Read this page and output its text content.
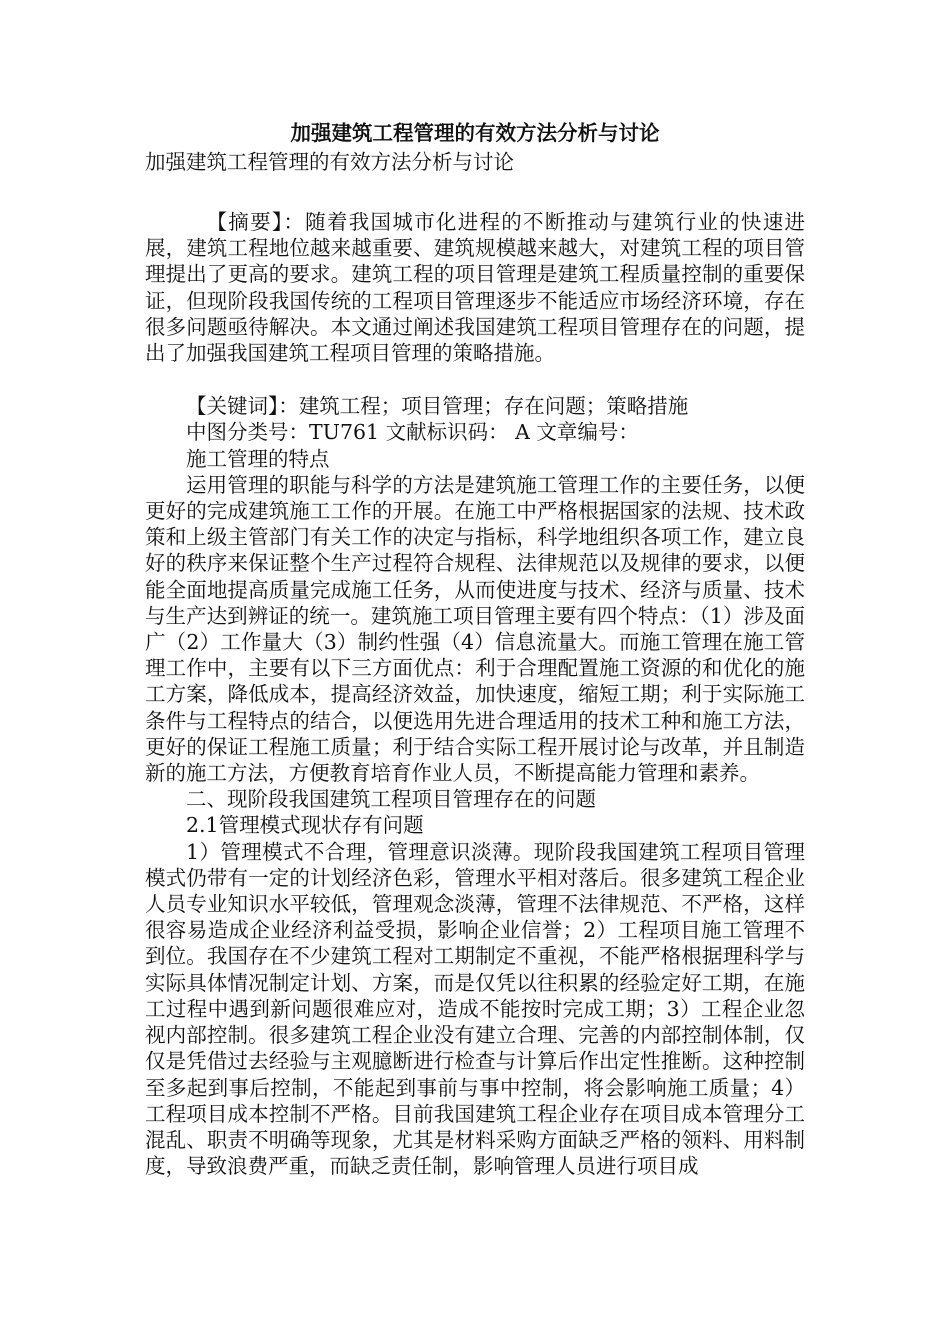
加强建筑工程管理的有效方法分析与讨论

加强建筑工程管理的有效方法分析与讨论

【摘要】：随着我国城市化进程的不断推动与建筑行业的快速进展，建筑工程地位越来越重要、建筑规模越来越大，对建筑工程的项目管理提出了更高的要求。建筑工程的项目管理是建筑工程质量控制的重要保证，但现阶段我国传统的工程项目管理逐步不能适应市场经济环境，存在很多问题亟待解决。本文通过阐述我国建筑工程项目管理存在的问题，提出了加强我国建筑工程项目管理的策略措施。

【关键词】：建筑工程；项目管理；存在问题；策略措施

中图分类号：TU761 文献标识码： A 文章编号：

施工管理的特点

运用管理的职能与科学的方法是建筑施工管理工作的主要任务，以便更好的完成建筑施工工作的开展。在施工中严格根据国家的法规、技术政策和上级主管部门有关工作的决定与指标，科学地组织各项工作，建立良好的秩序来保证整个生产过程符合规程、法律规范以及规律的要求，以便能全面地提高质量完成施工任务，从而使进度与技术、经济与质量、技术与生产达到辨证的统一。建筑施工项目管理主要有四个特点：（1）涉及面广（2）工作量大（3）制约性强（4）信息流量大。而施工管理在施工管理工作中，主要有以下三方面优点：利于合理配置施工资源的和优化的施工方案，降低成本，提高经济效益，加快速度，缩短工期；利于实际施工条件与工程特点的结合，以便选用先进合理适用的技术工种和施工方法，更好的保证工程施工质量；利于结合实际工程开展讨论与改革，并且制造新的施工方法，方便教育培育作业人员，不断提高能力管理和素养。

二、现阶段我国建筑工程项目管理存在的问题

2.1管理模式现状存有问题

1）管理模式不合理，管理意识淡薄。现阶段我国建筑工程项目管理模式仍带有一定的计划经济色彩，管理水平相对落后。很多建筑工程企业人员专业知识水平较低，管理观念淡薄，管理不法律规范、不严格，这样很容易造成企业经济利益受损，影响企业信誉；2）工程项目施工管理不到位。我国存在不少建筑工程对工期制定不重视，不能严格根据理科学与实际具体情况制定计划、方案，而是仅凭以往积累的经验定好工期，在施工过程中遇到新问题很难应对，造成不能按时完成工期；3）工程企业忽视内部控制。很多建筑工程企业没有建立合理、完善的内部控制体制，仅仅是凭借过去经验与主观臆断进行检查与计算后作出定性推断。这种控制至多起到事后控制，不能起到事前与事中控制，将会影响施工质量；4）工程项目成本控制不严格。目前我国建筑工程企业存在项目成本管理分工混乱、职责不明确等现象，尤其是材料采购方面缺乏严格的领料、用料制度，导致浪费严重，而缺乏责任制，影响管理人员进行项目成
